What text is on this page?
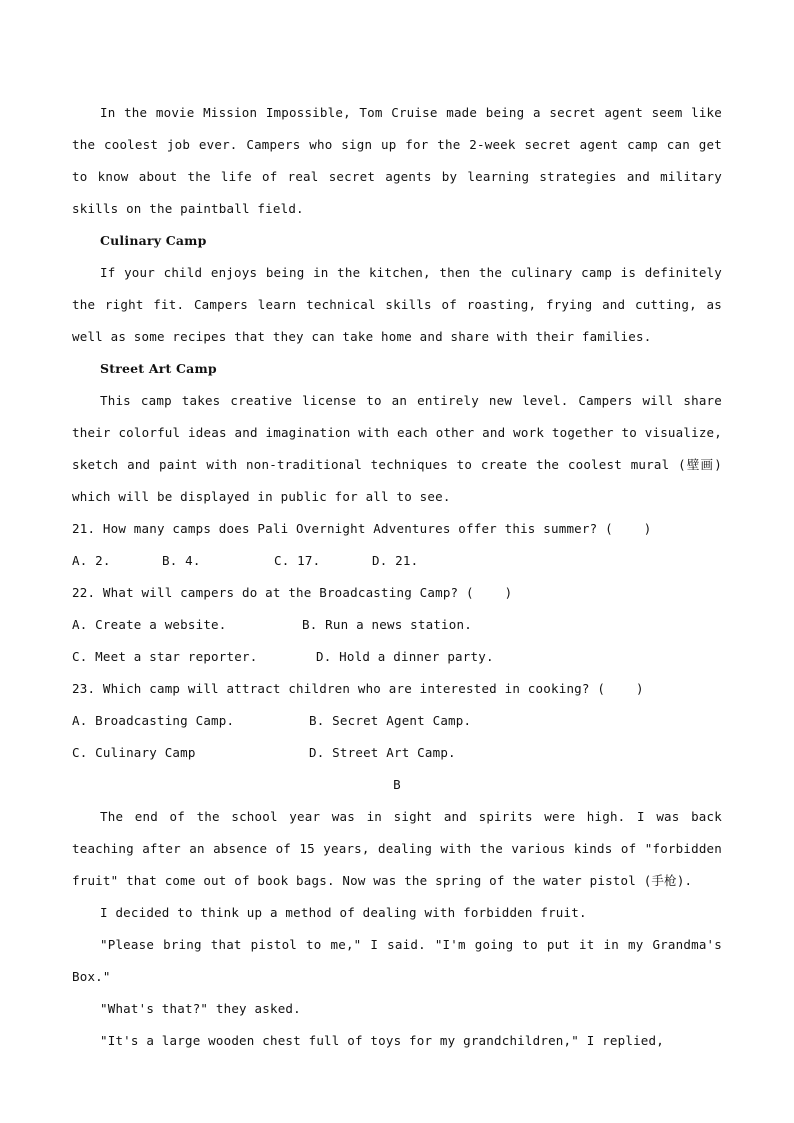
In the movie Mission Impossible, Tom Cruise made being a secret agent seem like the coolest job ever. Campers who sign up for the 2-week secret agent camp can get to know about the life of real secret agents by learning strategies and military skills on the paintball field.

Culinary Camp

If your child enjoys being in the kitchen, then the culinary camp is definitely the right fit. Campers learn technical skills of roasting, frying and cutting, as well as some recipes that they can take home and share with their families.

Street Art Camp

This camp takes creative license to an entirely new level. Campers will share their colorful ideas and imagination with each other and work together to visualize, sketch and paint with non-traditional techniques to create the coolest mural (壁画) which will be displayed in public for all to see.

21. How many camps does Pali Overnight Adventures offer this summer? (    )

A. 2.	B. 4.	C. 17.	D. 21.

22. What will campers do at the Broadcasting Camp? (    )

A. Create a website.	B. Run a news station.
C. Meet a star reporter.	D. Hold a dinner party.

23. Which camp will attract children who are interested in cooking? (    )

A. Broadcasting Camp.	B. Secret Agent Camp.
C. Culinary Camp	D. Street Art Camp.

B

The end of the school year was in sight and spirits were high. I was back teaching after an absence of 15 years, dealing with the various kinds of "forbidden fruit" that come out of book bags. Now was the spring of the water pistol (手枪).

I decided to think up a method of dealing with forbidden fruit.

"Please bring that pistol to me," I said. "I'm going to put it in my Grandma's Box."

"What's that?" they asked.

"It's a large wooden chest full of toys for my grandchildren," I replied,
